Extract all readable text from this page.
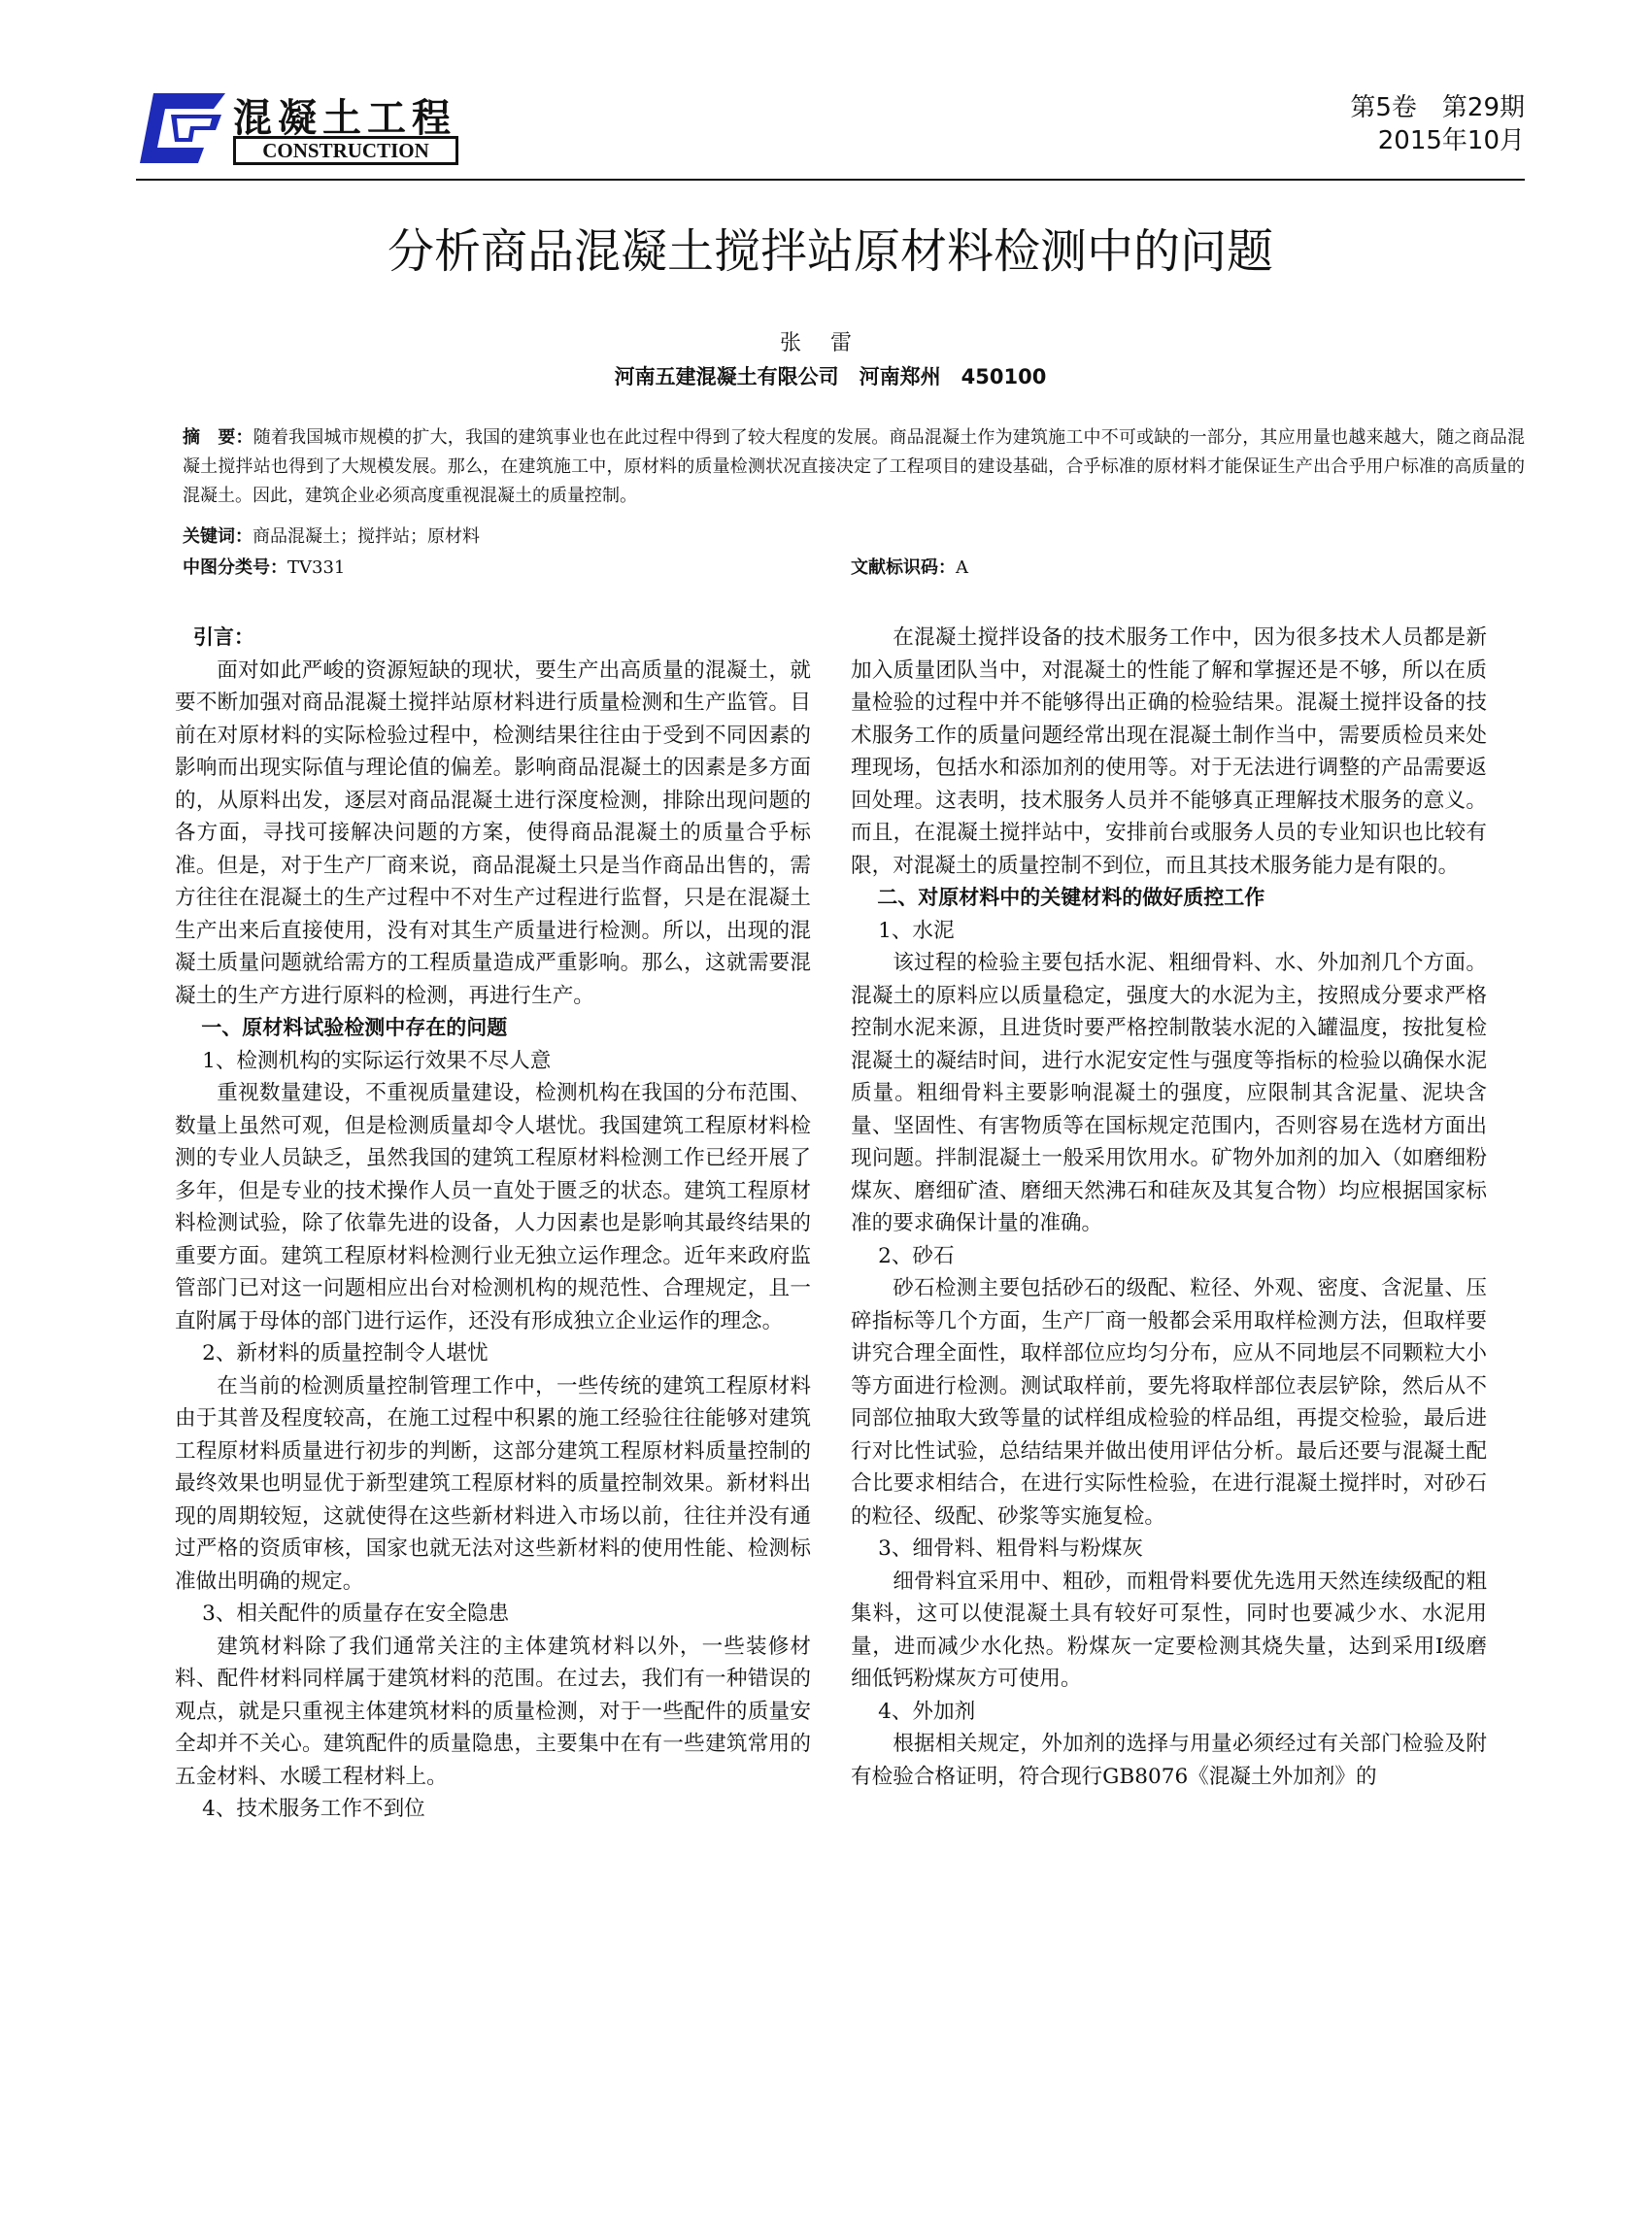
混凝土工程
CONSTRUCTION
第5卷　第29期
2015年10月
分析商品混凝土搅拌站原材料检测中的问题
张雷
河南五建混凝土有限公司　河南郑州　450100
摘　要：随着我国城市规模的扩大，我国的建筑事业也在此过程中得到了较大程度的发展。商品混凝土作为建筑施工中不可或缺的一部分，其应用量也越来越大，随之商品混凝土搅拌站也得到了大规模发展。那么，在建筑施工中，原材料的质量检测状况直接决定了工程项目的建设基础，合乎标准的原材料才能保证生产出合乎用户标准的高质量的混凝土。因此，建筑企业必须高度重视混凝土的质量控制。
关键词：商品混凝土；搅拌站；原材料
中图分类号：TV331	文献标识码：A

引言：

面对如此严峻的资源短缺的现状，要生产出高质量的混凝土，就要不断加强对商品混凝土搅拌站原材料进行质量检测和生产监管。目前在对原材料的实际检验过程中，检测结果往往由于受到不同因素的影响而出现实际值与理论值的偏差。影响商品混凝土的因素是多方面的，从原料出发，逐层对商品混凝土进行深度检测，排除出现问题的各方面，寻找可接解决问题的方案，使得商品混凝土的质量合乎标准。但是，对于生产厂商来说，商品混凝土只是当作商品出售的，需方往往在混凝土的生产过程中不对生产过程进行监督，只是在混凝土生产出来后直接使用，没有对其生产质量进行检测。所以，出现的混凝土质量问题就给需方的工程质量造成严重影响。那么，这就需要混凝土的生产方进行原料的检测，再进行生产。

一、原材料试验检测中存在的问题

1、检测机构的实际运行效果不尽人意

重视数量建设，不重视质量建设，检测机构在我国的分布范围、数量上虽然可观，但是检测质量却令人堪忧。我国建筑工程原材料检测的专业人员缺乏，虽然我国的建筑工程原材料检测工作已经开展了多年，但是专业的技术操作人员一直处于匮乏的状态。建筑工程原材料检测试验，除了依靠先进的设备，人力因素也是影响其最终结果的重要方面。建筑工程原材料检测行业无独立运作理念。近年来政府监管部门已对这一问题相应出台对检测机构的规范性、合理规定，且一直附属于母体的部门进行运作，还没有形成独立企业运作的理念。

2、新材料的质量控制令人堪忧

在当前的检测质量控制管理工作中，一些传统的建筑工程原材料由于其普及程度较高，在施工过程中积累的施工经验往往能够对建筑工程原材料质量进行初步的判断，这部分建筑工程原材料质量控制的最终效果也明显优于新型建筑工程原材料的质量控制效果。新材料出现的周期较短，这就使得在这些新材料进入市场以前，往往并没有通过严格的资质审核，国家也就无法对这些新材料的使用性能、检测标准做出明确的规定。

3、相关配件的质量存在安全隐患

建筑材料除了我们通常关注的主体建筑材料以外，一些装修材料、配件材料同样属于建筑材料的范围。在过去，我们有一种错误的观点，就是只重视主体建筑材料的质量检测，对于一些配件的质量安全却并不关心。建筑配件的质量隐患，主要集中在有一些建筑常用的五金材料、水暖工程材料上。

4、技术服务工作不到位

在混凝土搅拌设备的技术服务工作中，因为很多技术人员都是新加入质量团队当中，对混凝土的性能了解和掌握还是不够，所以在质量检验的过程中并不能够得出正确的检验结果。混凝土搅拌设备的技术服务工作的质量问题经常出现在混凝土制作当中，需要质检员来处理现场，包括水和添加剂的使用等。对于无法进行调整的产品需要返回处理。这表明，技术服务人员并不能够真正理解技术服务的意义。而且，在混凝土搅拌站中，安排前台或服务人员的专业知识也比较有限，对混凝土的质量控制不到位，而且其技术服务能力是有限的。

二、对原材料中的关键材料的做好质控工作

1、水泥

该过程的检验主要包括水泥、粗细骨料、水、外加剂几个方面。混凝土的原料应以质量稳定，强度大的水泥为主，按照成分要求严格控制水泥来源，且进货时要严格控制散装水泥的入罐温度，按批复检混凝土的凝结时间，进行水泥安定性与强度等指标的检验以确保水泥质量。粗细骨料主要影响混凝土的强度，应限制其含泥量、泥块含量、坚固性、有害物质等在国标规定范围内，否则容易在选材方面出现问题。拌制混凝土一般采用饮用水。矿物外加剂的加入（如磨细粉煤灰、磨细矿渣、磨细天然沸石和硅灰及其复合物）均应根据国家标准的要求确保计量的准确。

2、砂石

砂石检测主要包括砂石的级配、粒径、外观、密度、含泥量、压碎指标等几个方面，生产厂商一般都会采用取样检测方法，但取样要讲究合理全面性，取样部位应均匀分布，应从不同地层不同颗粒大小等方面进行检测。测试取样前，要先将取样部位表层铲除，然后从不同部位抽取大致等量的试样组成检验的样品组，再提交检验，最后进行对比性试验，总结结果并做出使用评估分析。最后还要与混凝土配合比要求相结合，在进行实际性检验，在进行混凝土搅拌时，对砂石的粒径、级配、砂浆等实施复检。

3、细骨料、粗骨料与粉煤灰

细骨料宜采用中、粗砂，而粗骨料要优先选用天然连续级配的粗集料，这可以使混凝土具有较好可泵性，同时也要减少水、水泥用量，进而减少水化热。粉煤灰一定要检测其烧失量，达到采用Ⅰ级磨细低钙粉煤灰方可使用。

4、外加剂

根据相关规定，外加剂的选择与用量必须经过有关部门检验及附有检验合格证明，符合现行GB8076《混凝土外加剂》的
